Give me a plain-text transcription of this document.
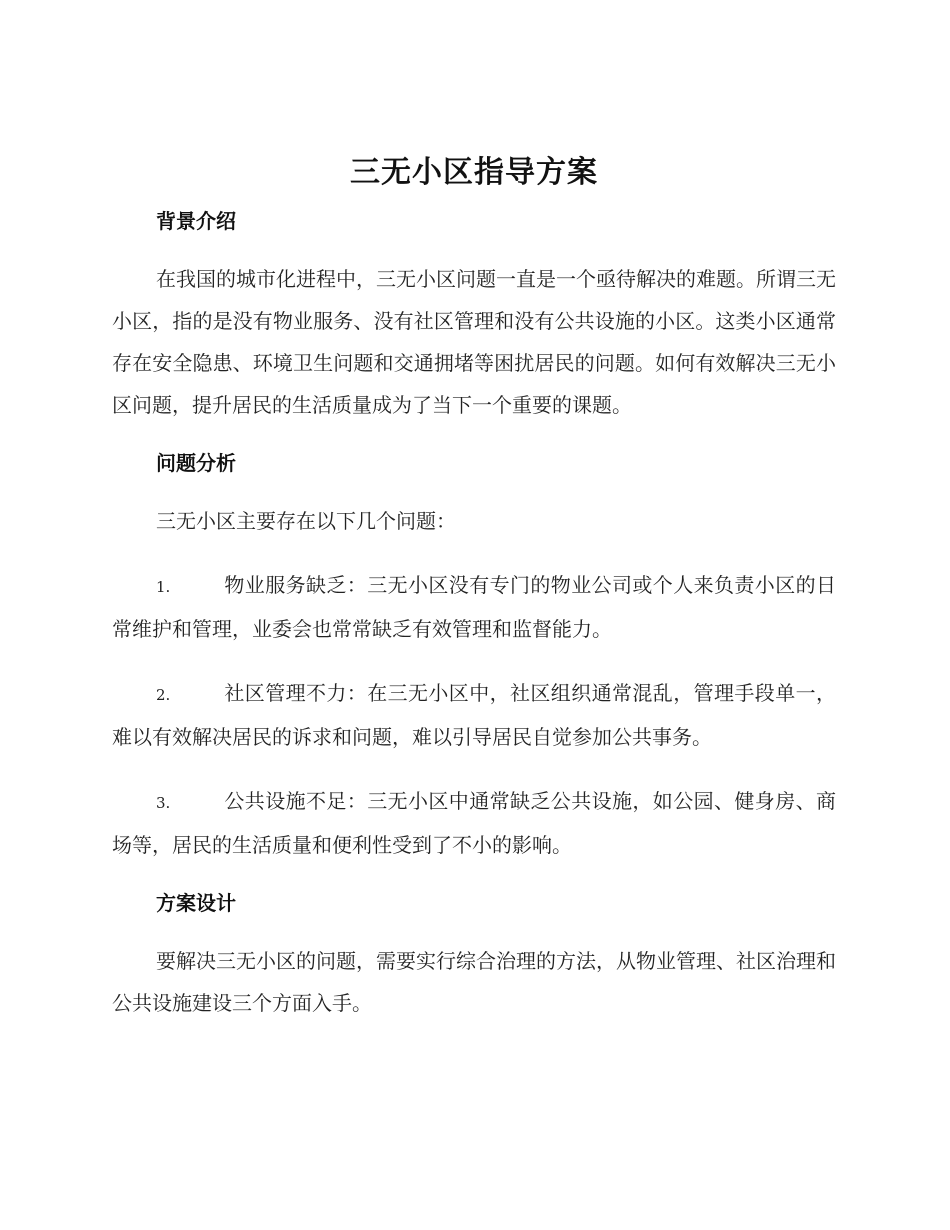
三无小区指导方案
背景介绍

在我国的城市化进程中，三无小区问题一直是一个亟待解决的难题。所谓三无小区，指的是没有物业服务、没有社区管理和没有公共设施的小区。这类小区通常存在安全隐患、环境卫生问题和交通拥堵等困扰居民的问题。如何有效解决三无小区问题，提升居民的生活质量成为了当下一个重要的课题。

问题分析

三无小区主要存在以下几个问题：

1.	物业服务缺乏：三无小区没有专门的物业公司或个人来负责小区的日常维护和管理，业委会也常常缺乏有效管理和监督能力。

2.	社区管理不力：在三无小区中，社区组织通常混乱，管理手段单一，难以有效解决居民的诉求和问题，难以引导居民自觉参加公共事务。

3.	公共设施不足：三无小区中通常缺乏公共设施，如公园、健身房、商场等，居民的生活质量和便利性受到了不小的影响。

方案设计

要解决三无小区的问题，需要实行综合治理的方法，从物业管理、社区治理和公共设施建设三个方面入手。
